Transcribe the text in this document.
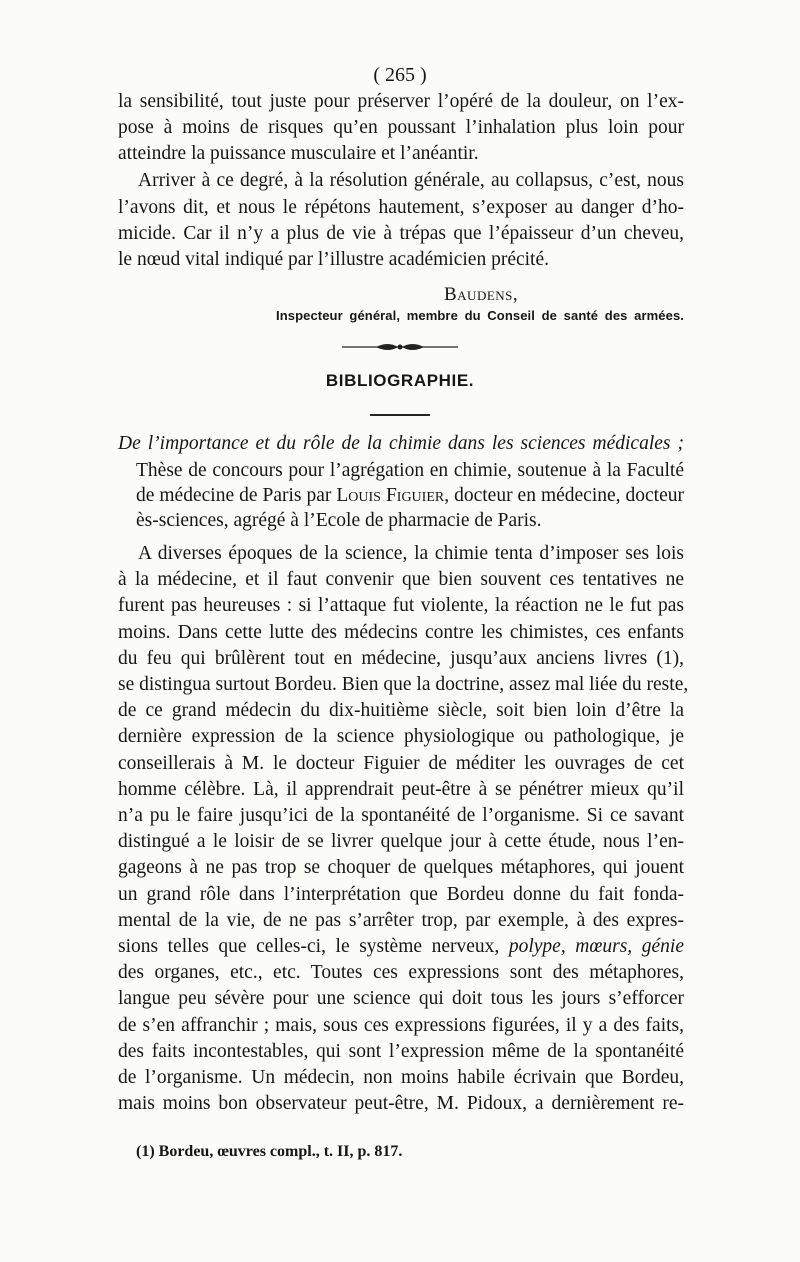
( 265 )
la sensibilité, tout juste pour préserver l’opéré de la douleur, on l’ex-
pose à moins de risques qu’en poussant l’inhalation plus loin pour
atteindre la puissance musculaire et l’anéantir.
Arriver à ce degré, à la résolution générale, au collapsus, c’est, nous
l’avons dit, et nous le répétons hautement, s’exposer au danger d’ho-
micide. Car il n’y a plus de vie à trépas que l’épaisseur d’un cheveu,
le nœud vital indiqué par l’illustre académicien précité.
Baudens,
Inspecteur général, membre du Conseil de santé des armées.
BIBLIOGRAPHIE.
De l’importance et du rôle de la chimie dans les sciences médicales ;
Thèse de concours pour l’agrégation en chimie, soutenue à la Faculté
de médecine de Paris par Louis Figuier, docteur en médecine, docteur
ès-sciences, agrégé à l’Ecole de pharmacie de Paris.
A diverses époques de la science, la chimie tenta d’imposer ses lois
à la médecine, et il faut convenir que bien souvent ces tentatives ne
furent pas heureuses : si l’attaque fut violente, la réaction ne le fut pas
moins. Dans cette lutte des médecins contre les chimistes, ces enfants
du feu qui brûlèrent tout en médecine, jusqu’aux anciens livres (1),
se distingua surtout Bordeu. Bien que la doctrine, assez mal liée du reste,
de ce grand médecin du dix-huitième siècle, soit bien loin d’être la
dernière expression de la science physiologique ou pathologique, je
conseillerais à M. le docteur Figuier de méditer les ouvrages de cet
homme célèbre. Là, il apprendrait peut-être à se pénétrer mieux qu’il
n’a pu le faire jusqu’ici de la spontanéité de l’organisme. Si ce savant
distingué a le loisir de se livrer quelque jour à cette étude, nous l’en-
gageons à ne pas trop se choquer de quelques métaphores, qui jouent
un grand rôle dans l’interprétation que Bordeu donne du fait fonda-
mental de la vie, de ne pas s’arrêter trop, par exemple, à des expres-
sions telles que celles-ci, le système nerveux, polype, mœurs, génie
des organes, etc., etc. Toutes ces expressions sont des métaphores,
langue peu sévère pour une science qui doit tous les jours s’efforcer
de s’en affranchir ; mais, sous ces expressions figurées, il y a des faits,
des faits incontestables, qui sont l’expression même de la spontanéité
de l’organisme. Un médecin, non moins habile écrivain que Bordeu,
mais moins bon observateur peut-être, M. Pidoux, a dernièrement re-
(1) Bordeu, œuvres compl., t. II, p. 817.
